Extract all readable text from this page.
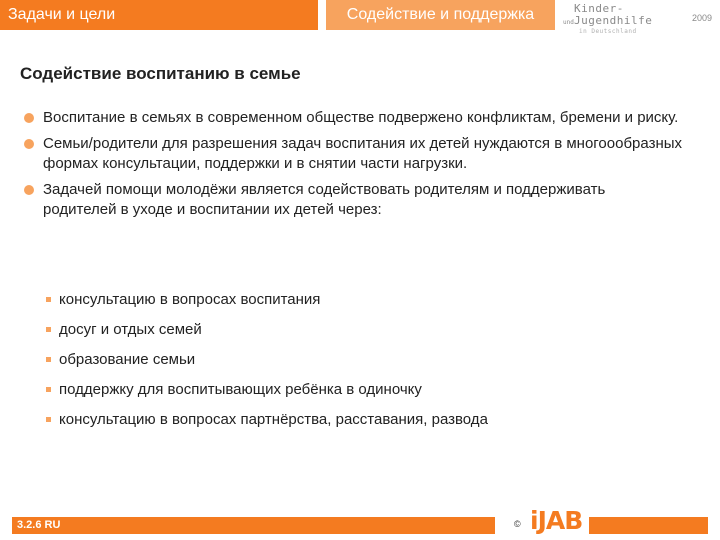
Задачи и цели	Содействие и поддержка	Kinder-
und Jugendhilfe
in Deutschland
2009
Содействие воспитанию в семье
Воспитание в семьях в современном обществе подвержено конфликтам, бремени и риску.
Семьи/родители для разрешения задач воспитания их детей нуждаются в многоообразных формах консультации, поддержки и в снятии части нагрузки.
Задачей помощи молодёжи является содействовать родителям и поддерживать родителей в уходе и воспитании их детей через:
консультацию в вопросах воспитания
досуг и отдых семей
образование семьи
поддержку для воспитывающих ребёнка в одиночку
консультацию в вопросах партнёрства, расставания, развода
3.2.6 RU	© iJAB
